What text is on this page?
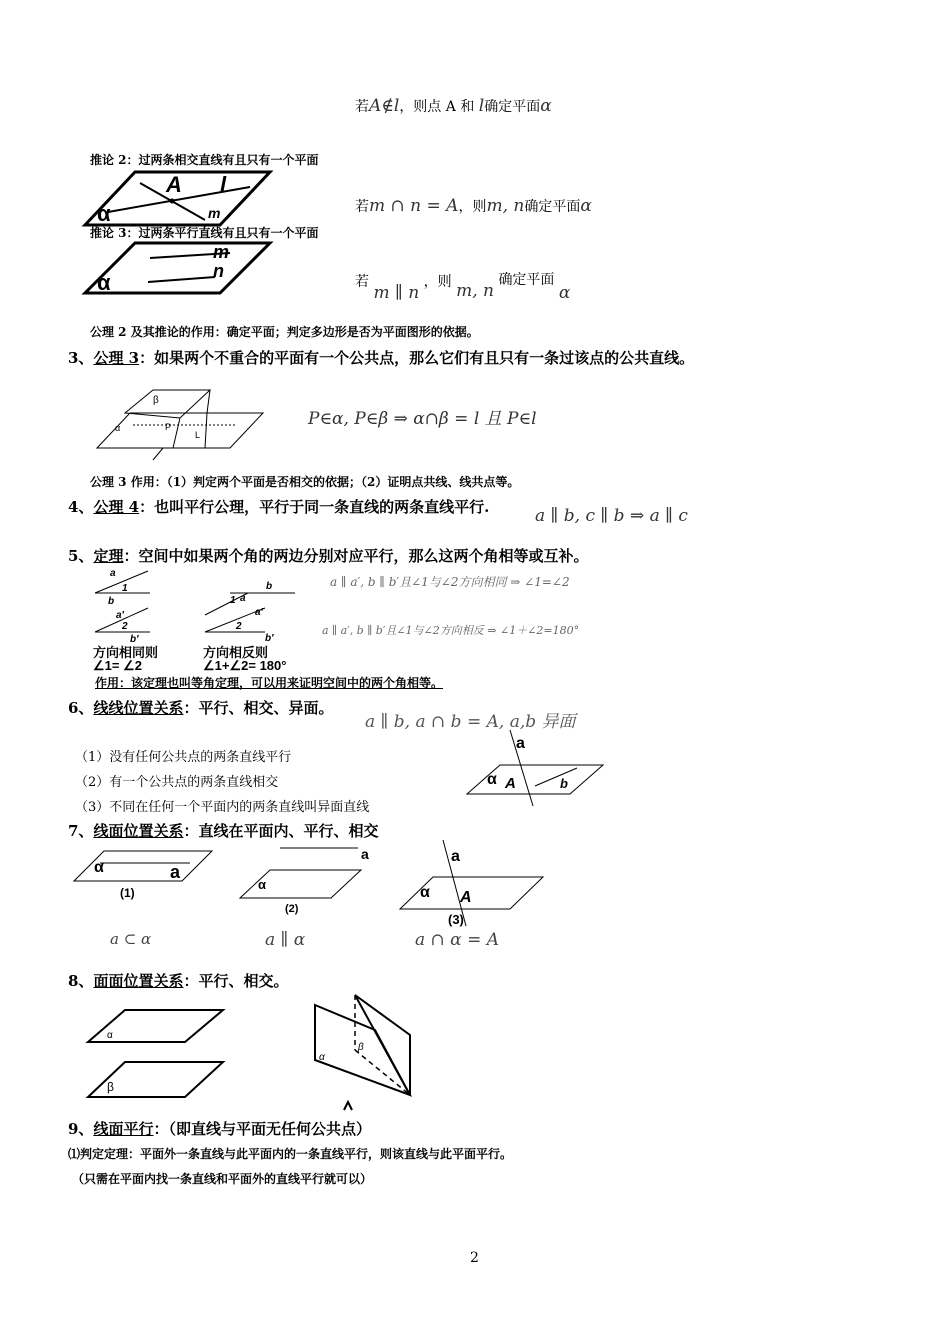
若A∉l，则点 A 和 l确定平面α
推论 2：过两条相交直线有且只有一个平面
A l
m
α	若m ∩ n = A，则m, n确定平面α
推论 3：过两条平行直线有且只有一个平面
m
n
α	若 m ∥ n ，则 m, n 确定平面 α
公理 2 及其推论的作用：确定平面；判定多边形是否为平面图形的依据。
3、公理 3：如果两个不重合的平面有一个公共点，那么它们有且只有一条过该点的公共直线。
β
α	P
L
P∈α, P∈β ⇒ α∩β = l 且 P∈l
公理 3 作用：（1）判定两个平面是否相交的依据；（2）证明点共线、线共点等。
4、公理 4：也叫平行公理，平行于同一条直线的两条直线平行.	a ∥ b, c ∥ b ⇒ a ∥ c
5、定理：空间中如果两个角的两边分别对应平行，那么这两个角相等或互补。
a
1
b
a′
2
b′
方向相同则
∠1= ∠2
a
1
b
a′
2
b′
方向相反则
∠1+∠2= 180°
a ∥ a′, b ∥ b′且∠1与∠2方向相同 ⇒ ∠1=∠2
a ∥ a′, b ∥ b′且∠1与∠2方向相反 ⇒ ∠1＋∠2=180°
作用：该定理也叫等角定理，可以用来证明空间中的两个角相等。
6、线线位置关系：平行、相交、异面。
a ∥ b, a ∩ b = A, a,b 异面
（1）没有任何公共点的两条直线平行
（2）有一个公共点的两条直线相交
（3）不同在任何一个平面内的两条直线叫异面直线
a
α A	b
7、线面位置关系：直线在平面内、平行、相交
α	a
(1)
a
α
(2)
a
α A
(3)
a ⊂ α	a ∥ α	a ∩ α = A
8、面面位置关系：平行、相交。
α
β
α
β
9、线面平行：（即直线与平面无任何公共点）
⑴判定定理：平面外一条直线与此平面内的一条直线平行，则该直线与此平面平行。
（只需在平面内找一条直线和平面外的直线平行就可以）
2
